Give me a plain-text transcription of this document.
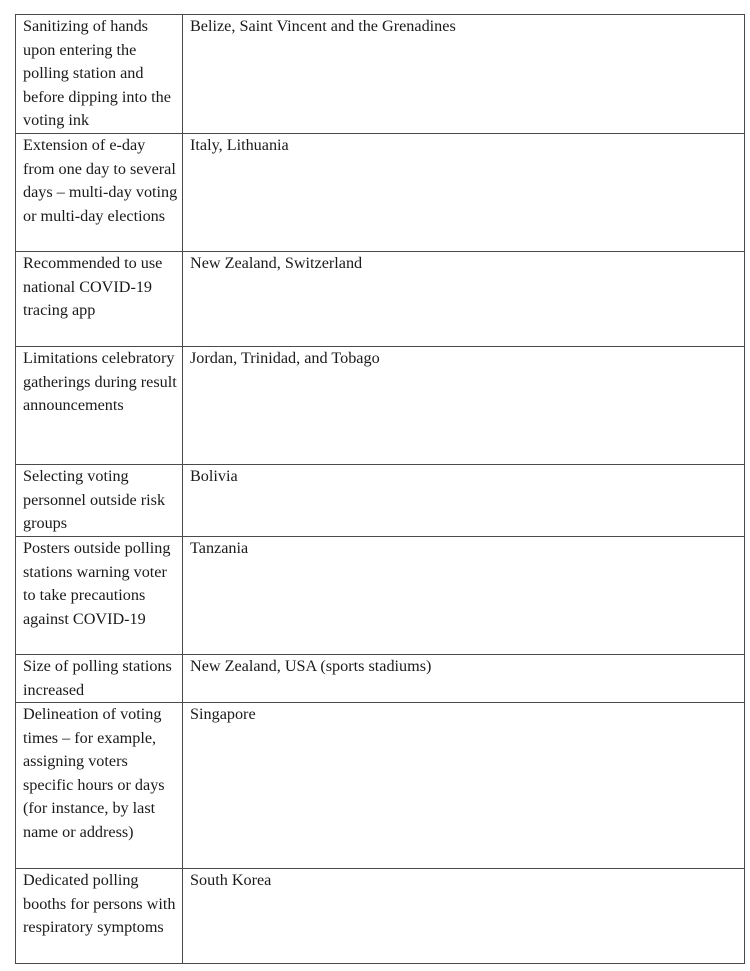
Sanitizing of hands upon entering the polling station and before dipping into the voting ink	Belize, Saint Vincent and the Grenadines
Extension of e-day from one day to several days – multi-day voting or multi-day elections	Italy, Lithuania
Recommended to use national COVID-19 tracing app	New Zealand, Switzerland
Limitations celebratory gatherings during result announcements	Jordan, Trinidad, and Tobago
Selecting voting personnel outside risk groups	Bolivia
Posters outside polling stations warning voter to take precautions against COVID-19	Tanzania
Size of polling stations increased	New Zealand, USA (sports stadiums)
Delineation of voting times – for example, assigning voters specific hours or days (for instance, by last name or address)	Singapore
Dedicated polling booths for persons with respiratory symptoms	South Korea
